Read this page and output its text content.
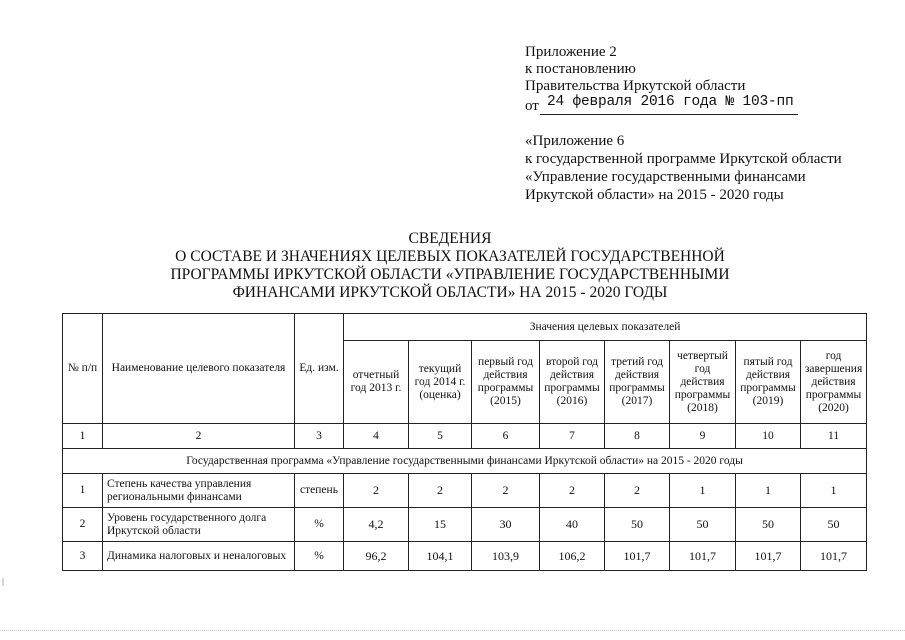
Приложение 2
к постановлению
Правительства Иркутской области
от 24 февраля 2016 года № 103-пп
«Приложение 6
к государственной программе Иркутской области
«Управление государственными финансами
Иркутской области» на 2015 - 2020 годы
СВЕДЕНИЯ
О СОСТАВЕ И ЗНАЧЕНИЯХ ЦЕЛЕВЫХ ПОКАЗАТЕЛЕЙ ГОСУДАРСТВЕННОЙ
ПРОГРАММЫ ИРКУТСКОЙ ОБЛАСТИ «УПРАВЛЕНИЕ ГОСУДАРСТВЕННЫМИ
ФИНАНСАМИ ИРКУТСКОЙ ОБЛАСТИ» НА 2015 - 2020 ГОДЫ
№ п/п	Наименование целевого показателя	Ед. изм.	Значения целевых показателей							
			отчетный год 2013 г.	текущий год 2014 г. (оценка)	первый год действия программы (2015)	второй год действия программы (2016)	третий год действия программы (2017)	четвертый год действия программы (2018)	пятый год действия программы (2019)	год завершения действия программы (2020)
1	2	3	4	5	6	7	8	9	10	11
Государственная программа «Управление государственными финансами Иркутской области» на 2015 - 2020 годы										
1	Степень качества управления региональными финансами	степень	2	2	2	2	2	1	1	1
2	Уровень государственного долга Иркутской области	%	4,2	15	30	40	50	50	50	50
3	Динамика налоговых и неналоговых	%	96,2	104,1	103,9	106,2	101,7	101,7	101,7	101,7
